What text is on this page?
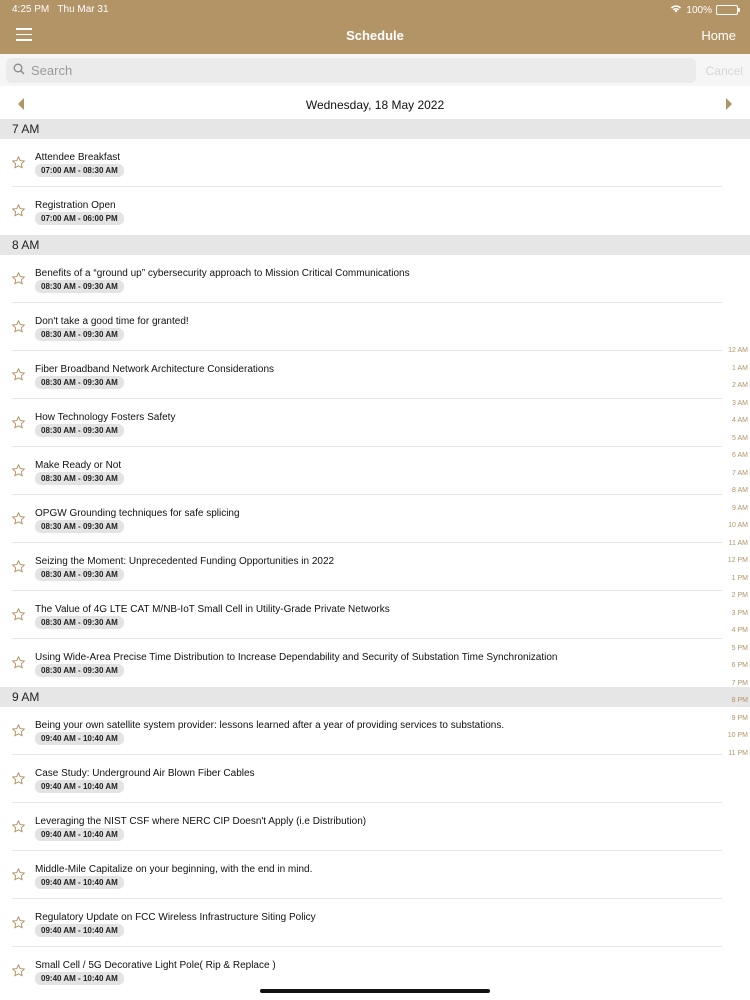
4:25 PM Thu Mar 31	100%
Schedule	Home
Search
Cancel
Wednesday, 18 May 2022
7 AM
Attendee Breakfast
07:00 AM - 08:30 AM
Registration Open
07:00 AM - 06:00 PM
8 AM
Benefits of a “ground up” cybersecurity approach to Mission Critical Communications
08:30 AM - 09:30 AM
Don't take a good time for granted!
08:30 AM - 09:30 AM
Fiber Broadband Network Architecture Considerations
08:30 AM - 09:30 AM
How Technology Fosters Safety
08:30 AM - 09:30 AM
Make Ready or Not
08:30 AM - 09:30 AM
OPGW Grounding techniques for safe splicing
08:30 AM - 09:30 AM
Seizing the Moment: Unprecedented Funding Opportunities in 2022
08:30 AM - 09:30 AM
The Value of 4G LTE CAT M/NB-IoT Small Cell in Utility-Grade Private Networks
08:30 AM - 09:30 AM
Using Wide-Area Precise Time Distribution to Increase Dependability and Security of Substation Time Synchronization
08:30 AM - 09:30 AM
9 AM
Being your own satellite system provider: lessons learned after a year of providing services to substations.
09:40 AM - 10:40 AM
Case Study: Underground Air Blown Fiber Cables
09:40 AM - 10:40 AM
Leveraging the NIST CSF where NERC CIP Doesn't Apply (i.e Distribution)
09:40 AM - 10:40 AM
Middle-Mile Capitalize on your beginning, with the end in mind.
09:40 AM - 10:40 AM
Regulatory Update on FCC Wireless Infrastructure Siting Policy
09:40 AM - 10:40 AM
Small Cell / 5G Decorative Light Pole( Rip & Replace )
09:40 AM - 10:40 AM
12 AM
1 AM
2 AM
3 AM
4 AM
5 AM
6 AM
7 AM
8 AM
9 AM
10 AM
11 AM
12 PM
1 PM
2 PM
3 PM
4 PM
5 PM
6 PM
7 PM
8 PM
9 PM
10 PM
11 PM
